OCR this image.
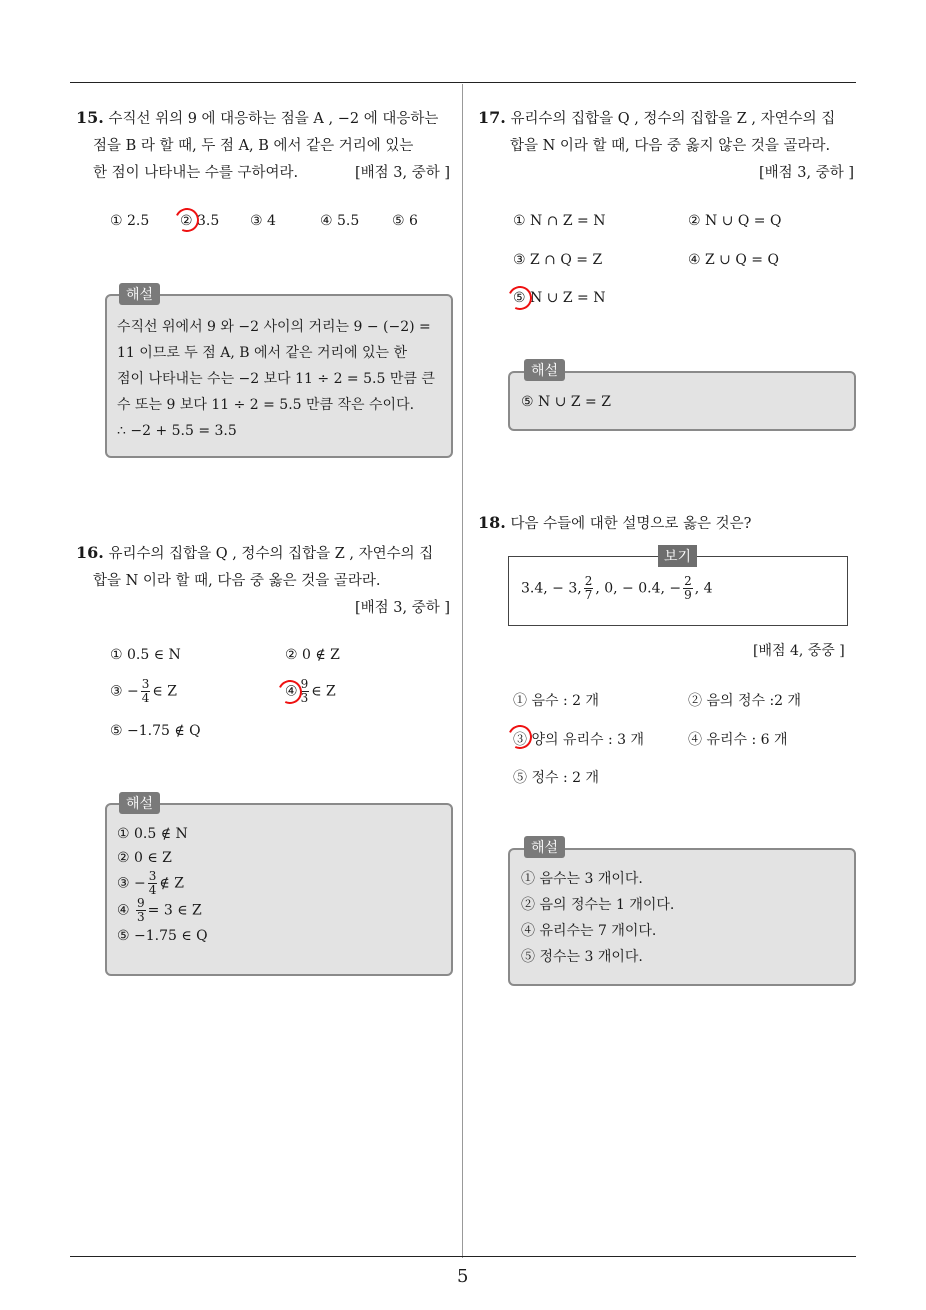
5
15. 수직선 위의 9 에 대응하는 점을 A , −2 에 대응하는
점을 B 라 할 때, 두 점 A, B 에서 같은 거리에 있는
한 점이 나타내는 수를 구하여라.	[배점 3, 중하 ]
① 2.5 ② 3.5 ③ 4	④ 5.5 ⑤ 6
해설
수직선 위에서 9 와 −2 사이의 거리는 9 − (−2) =
11 이므로 두 점 A, B 에서 같은 거리에 있는 한
점이 나타내는 수는 −2 보다 11 ÷ 2 = 5.5 만큼 큰
수 또는 9 보다 11 ÷ 2 = 5.5 만큼 작은 수이다.
∴ −2 + 5.5 = 3.5
16. 유리수의 집합을 Q , 정수의 집합을 Z , 자연수의 집
합을 N 이라 할 때, 다음 중 옳은 것을 골라라.
[배점 3, 중하 ]
① 0.5 ∈ N	② 0 ∉ Z
③ − $\frac{3}{4}$ ∈ Z	④ $\frac{9}{3}$ ∈ Z
⑤ −1.75 ∉ Q
해설
① 0.5 ∉ N
② 0 ∈ Z
③ − $\frac{3}{4}$ ∉ Z
④ $\frac{9}{3} = 3$ ∈ Z
⑤ −1.75 ∈ Q
17. 유리수의 집합을 Q , 정수의 집합을 Z , 자연수의 집
합을 N 이라 할 때, 다음 중 옳지 않은 것을 골라라.
[배점 3, 중하 ]
① N ∩ Z = N	② N ∪ Q = Q
③ Z ∩ Q = Z	④ Z ∪ Q = Q
⑤ N ∪ Z = N
해설
⑤ N ∪ Z = Z
18. 다음 수들에 대한 설명으로 옳은 것은?
보기
3.4, − 3, $\frac{2}{7}$ , 0, − 0.4, − $\frac{2}{9}$ , 4
[배점 4, 중중 ]
① 음수 : 2 개	② 음의 정수 :2 개
③ 양의 유리수 : 3 개	④ 유리수 : 6 개
⑤ 정수 : 2 개
해설
① 음수는 3 개이다.
② 음의 정수는 1 개이다.
④ 유리수는 7 개이다.
⑤ 정수는 3 개이다.
